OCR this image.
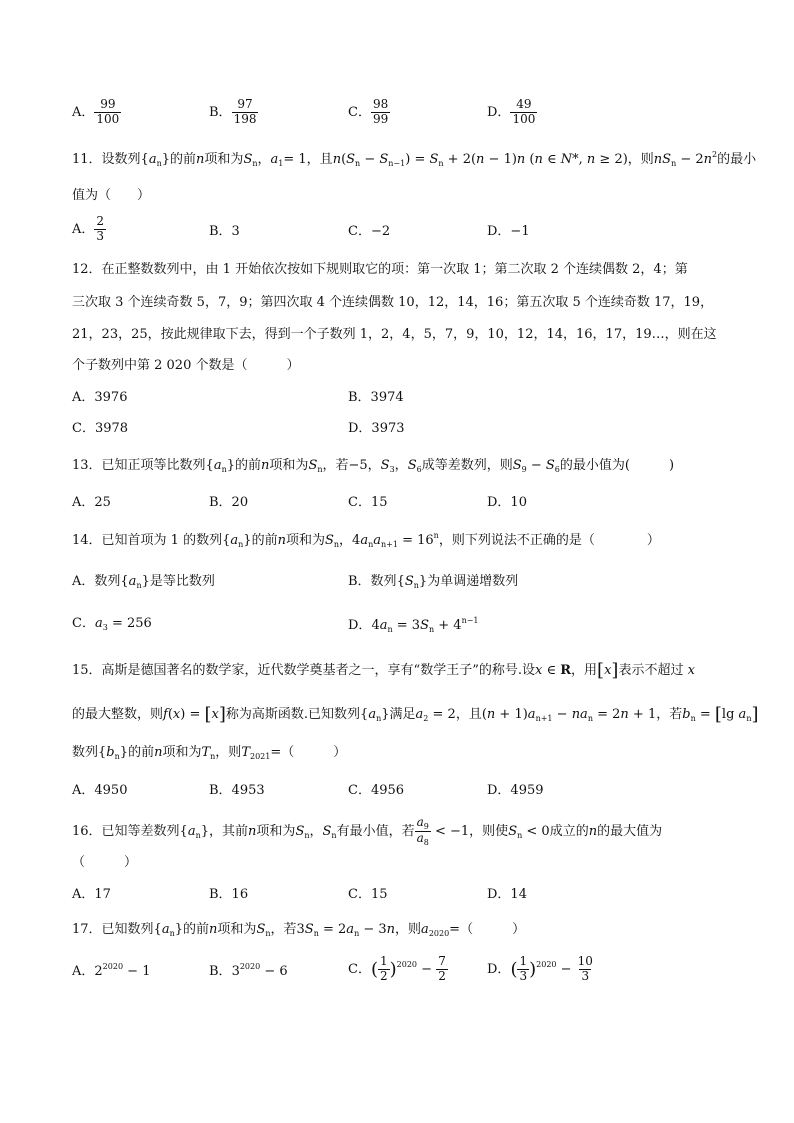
A． $\frac{99}{100}$	B． $\frac{97}{198}$	C． $\frac{98}{99}$	D． $\frac{49}{100}$
11．设数列$\{a_n\}$的前n项和为$S_n$，$a_1= 1$，且$n(S_n - S_{n-1}) = S_n + 2(n - 1)n$ (n ∈ N*, n ≥ 2)，则$nS_n - 2n^2$的最小
值为（　　）
A． $\frac{2}{3}$	B．3	C．−2	D．−1
12．在正整数数列中，由 1 开始依次按如下规则取它的项：第一次取 1；第二次取 2 个连续偶数 2，4；第
三次取 3 个连续奇数 5，7，9；第四次取 4 个连续偶数 10，12，14，16；第五次取 5 个连续奇数 17，19，
21，23，25，按此规律取下去，得到一个子数列 1，2，4，5，7，9，10，12，14，16，17，19…，则在这
个子数列中第 2 020 个数是（　　　）
A．3976	B．3974
C．3978	D．3973
13．已知正项等比数列$\{a_n\}$的前n项和为$S_n$，若−5，$S_3$，$S_6$成等差数列，则$S_9 - S_6$的最小值为(　　　)
A．25	B．20	C．15	D．10
14．已知首项为 1 的数列$\{a_n\}$的前n项和为$S_n$，$4a_na_{n+1} = 16^n$，则下列说法不正确的是（　　　　）
A．数列$\{a_n\}$是等比数列	B．数列$\{S_n\}$为单调递增数列
C．$a_3 = 256$	D．$4a_n = 3S_n + 4^{n-1}$
15．高斯是德国著名的数学家，近代数学奠基者之一，享有“数学王子”的称号.设x ∈ R，用[x]表示不超过 x
的最大整数，则f(x) = [x]称为高斯函数.已知数列$\{a_n\}$满足$a_2 = 2$，且$(n + 1)a_{n+1} - na_n = 2n + 1$，若$b_n = [\lg$ $a_n$]
数列$\{b_n\}$的前n项和为$T_n$，则$T_{2021}=$（　　　）
A．4950	B．4953	C．4956	D．4959
16．已知等差数列$\{a_n\}$，其前n项和为$S_n$，$S_n$有最小值，若 $\frac{a_9}{a_8} < -1$，则使$S_n < 0$成立的n的最大值为
（　　　）
A．17	B．16	C．15	D．14
17．已知数列$\{a_n\}$的前n项和为$S_n$，若$3S_n = 2a_n - 3n$，则$a_{2020}=$（　　　）
A．$2^{2020} - 1$	B．$3^{2020} - 6$	C．( $\frac{1}{2} )^{2020} - \frac{7}{2}$	D．( $\frac{1}{3} )^{2020} - \frac{10}{3}$
